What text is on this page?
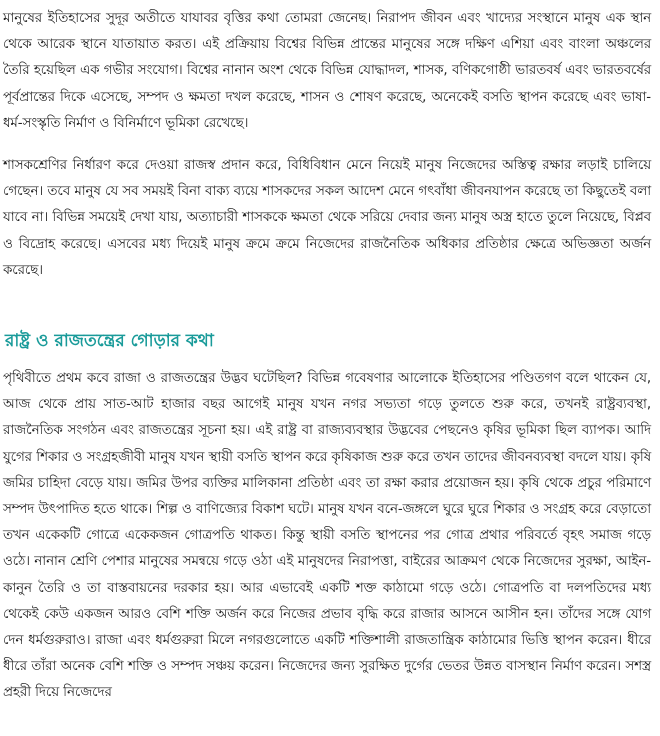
মানুষের ইতিহাসের সুদূর অতীতে যাযাবর বৃত্তির কথা তোমরা জেনেছ। নিরাপদ জীবন এবং খাদ্যের সংস্থানে মানুষ এক স্থান থেকে আরেক স্থানে যাতায়াত করত। এই প্রক্রিয়ায় বিশ্বের বিভিন্ন প্রান্তের মানুষের সঙ্গে দক্ষিণ এশিয়া এবং বাংলা অঞ্চলের তৈরি হয়েছিল এক গভীর সংযোগ। বিশ্বের নানান অংশ থেকে বিভিন্ন যোদ্ধাদল, শাসক, বণিকগোষ্ঠী ভারতবর্ষ এবং ভারতবর্ষের পূর্বপ্রান্তের দিকে এসেছে, সম্পদ ও ক্ষমতা দখল করেছে, শাসন ও শোষণ করেছে, অনেকেই বসতি স্থাপন করেছে এবং ভাষা-ধর্ম-সংস্কৃতি নির্মাণ ও বিনির্মাণে ভূমিকা রেখেছে।

শাসকশ্রেণির নির্ধারণ করে দেওয়া রাজস্ব প্রদান করে, বিধিবিধান মেনে নিয়েই মানুষ নিজেদের অস্তিত্ব রক্ষার লড়াই চালিয়ে গেছেন। তবে মানুষ যে সব সময়ই বিনা বাক্য ব্যয়ে শাসকদের সকল আদেশ মেনে গৎবাঁধা জীবনযাপন করেছে তা কিছুতেই বলা যাবে না। বিভিন্ন সময়েই দেখা যায়, অত্যাচারী শাসককে ক্ষমতা থেকে সরিয়ে দেবার জন্য মানুষ অস্ত্র হাতে তুলে নিয়েছে, বিপ্লব ও বিদ্রোহ করেছে। এসবের মধ্য দিয়েই মানুষ ক্রমে ক্রমে নিজেদের রাজনৈতিক অধিকার প্রতিষ্ঠার ক্ষেত্রে অভিজ্ঞতা অর্জন করেছে।

রাষ্ট্র ও রাজতন্ত্রের গোড়ার কথা

পৃথিবীতে প্রথম কবে রাজা ও রাজতন্ত্রের উদ্ভব ঘটেছিল? বিভিন্ন গবেষণার আলোকে ইতিহাসের পণ্ডিতগণ বলে থাকেন যে, আজ থেকে প্রায় সাত-আট হাজার বছর আগেই মানুষ যখন নগর সভ্যতা গড়ে তুলতে শুরু করে, তখনই রাষ্ট্রব্যবস্থা, রাজনৈতিক সংগঠন এবং রাজতন্ত্রের সূচনা হয়। এই রাষ্ট্র বা রাজ্যব্যবস্থার উদ্ভবের পেছনেও কৃষির ভূমিকা ছিল ব্যাপক। আদি যুগের শিকার ও সংগ্রহজীবী মানুষ যখন স্থায়ী বসতি স্থাপন করে কৃষিকাজ শুরু করে তখন তাদের জীবনব্যবস্থা বদলে যায়। কৃষি জমির চাহিদা বেড়ে যায়। জমির উপর ব্যক্তির মালিকানা প্রতিষ্ঠা এবং তা রক্ষা করার প্রয়োজন হয়। কৃষি থেকে প্রচুর পরিমাণে সম্পদ উৎপাদিত হতে থাকে। শিল্প ও বাণিজ্যের বিকাশ ঘটে। মানুষ যখন বনে-জঙ্গলে ঘুরে ঘুরে শিকার ও সংগ্রহ করে বেড়াতো তখন একেকটি গোত্রে একেকজন গোত্রপতি থাকত। কিন্তু স্থায়ী বসতি স্থাপনের পর গোত্র প্রথার পরিবর্তে বৃহৎ সমাজ গড়ে ওঠে। নানান শ্রেণি পেশার মানুষের সমন্বয়ে গড়ে ওঠা এই মানুষদের নিরাপত্তা, বাইরের আক্রমণ থেকে নিজেদের সুরক্ষা, আইন-কানুন তৈরি ও তা বাস্তবায়নের দরকার হয়। আর এভাবেই একটি শক্ত কাঠামো গড়ে ওঠে। গোত্রপতি বা দলপতিদের মধ্য থেকেই কেউ একজন আরও বেশি শক্তি অর্জন করে নিজের প্রভাব বৃদ্ধি করে রাজার আসনে আসীন হন। তাঁদের সঙ্গে যোগ দেন ধর্মগুরুরাও। রাজা এবং ধর্মগুরুরা মিলে নগরগুলোতে একটি শক্তিশালী রাজতান্ত্রিক কাঠামোর ভিত্তি স্থাপন করেন। ধীরে ধীরে তাঁরা অনেক বেশি শক্তি ও সম্পদ সঞ্চয় করেন। নিজেদের জন্য সুরক্ষিত দুর্গের ভেতর উন্নত বাসস্থান নির্মাণ করেন। সশস্ত্র প্রহরী দিয়ে নিজেদের
